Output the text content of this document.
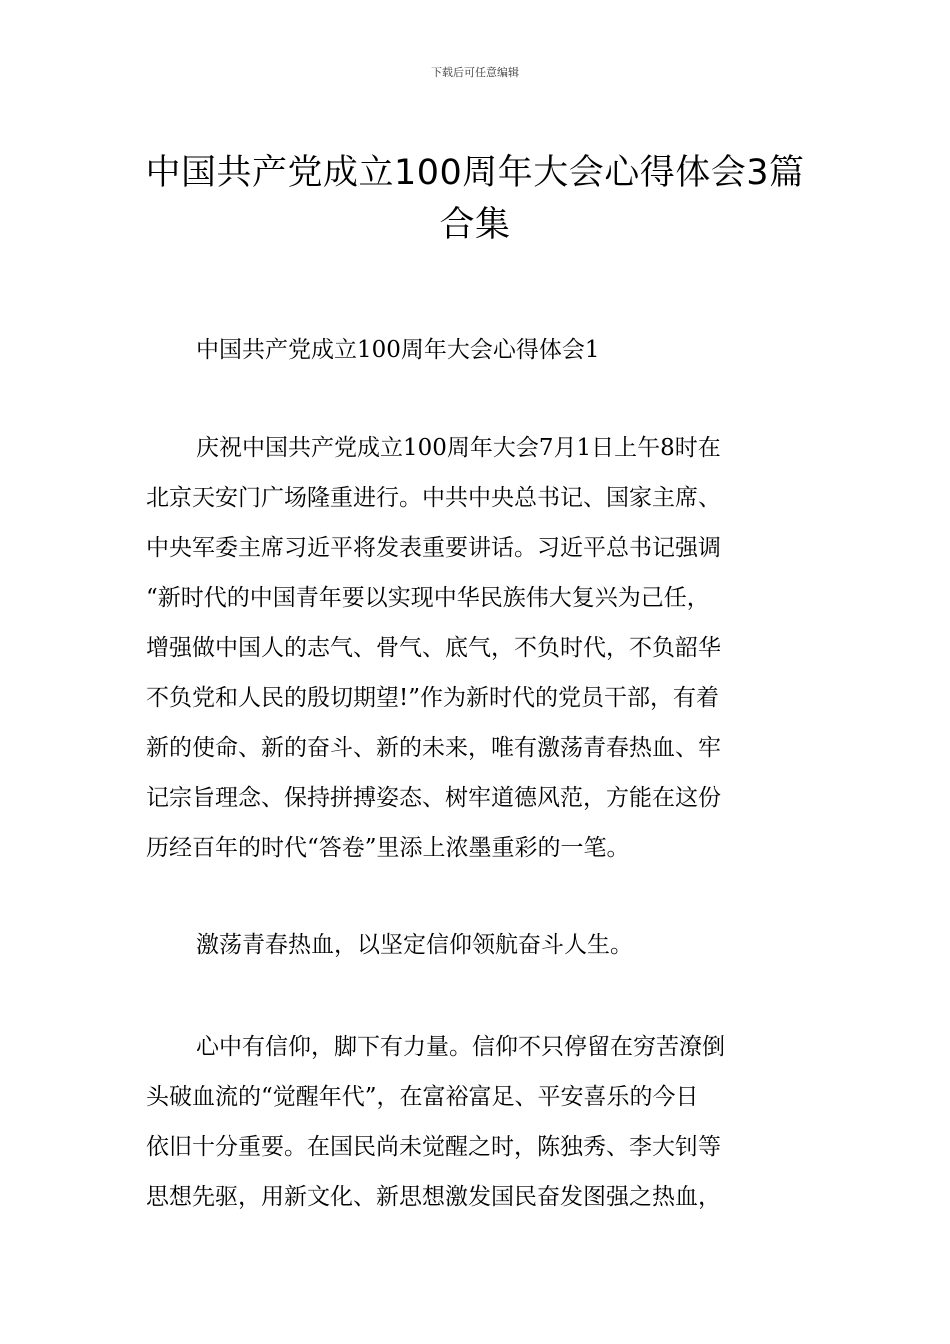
下载后可任意编辑
中国共产党成立100周年大会心得体会3篇
合集
中国共产党成立100周年大会心得体会1

庆祝中国共产党成立100周年大会7月1日上午8时在
北京天安门广场隆重进行。中共中央总书记、国家主席、
中央军委主席习近平将发表重要讲话。习近平总书记强调
“新时代的中国青年要以实现中华民族伟大复兴为己任，
增强做中国人的志气、骨气、底气，不负时代，不负韶华
不负党和人民的殷切期望!”作为新时代的党员干部，有着
新的使命、新的奋斗、新的未来，唯有激荡青春热血、牢
记宗旨理念、保持拼搏姿态、树牢道德风范，方能在这份
历经百年的时代“答卷”里添上浓墨重彩的一笔。

激荡青春热血，以坚定信仰领航奋斗人生。

心中有信仰，脚下有力量。信仰不只停留在穷苦潦倒
头破血流的“觉醒年代”，在富裕富足、平安喜乐的今日
依旧十分重要。在国民尚未觉醒之时，陈独秀、李大钊等
思想先驱，用新文化、新思想激发国民奋发图强之热血，
